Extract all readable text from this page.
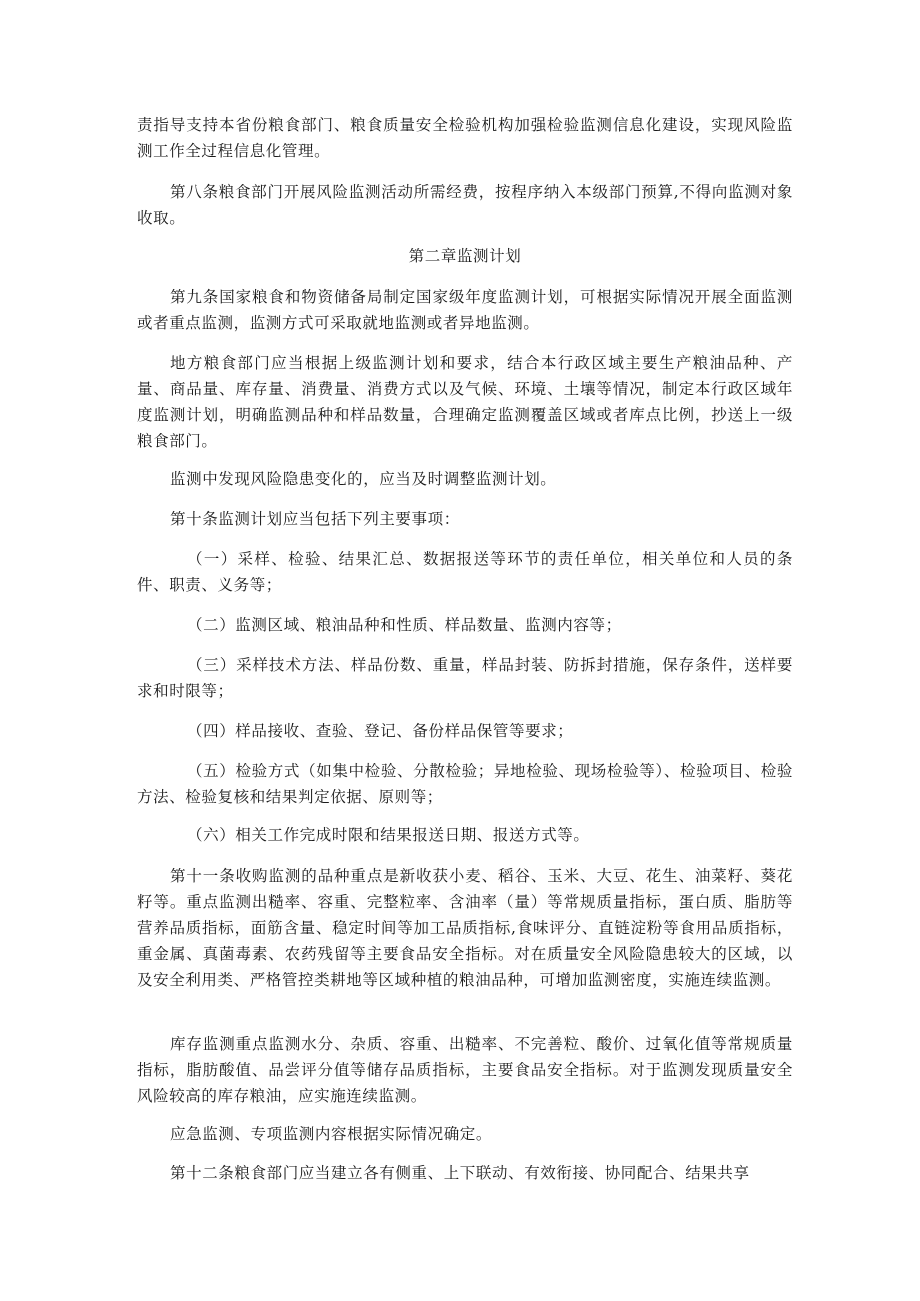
责指导支持本省份粮食部门、粮食质量安全检验机构加强检验监测信息化建设，实现风险监测工作全过程信息化管理。

第八条粮食部门开展风险监测活动所需经费，按程序纳入本级部门预算,不得向监测对象收取。

第二章监测计划

第九条国家粮食和物资储备局制定国家级年度监测计划，可根据实际情况开展全面监测或者重点监测，监测方式可采取就地监测或者异地监测。

地方粮食部门应当根据上级监测计划和要求，结合本行政区域主要生产粮油品种、产量、商品量、库存量、消费量、消费方式以及气候、环境、土壤等情况，制定本行政区域年度监测计划，明确监测品种和样品数量，合理确定监测覆盖区域或者库点比例，抄送上一级粮食部门。

监测中发现风险隐患变化的，应当及时调整监测计划。

第十条监测计划应当包括下列主要事项：

（一）采样、检验、结果汇总、数据报送等环节的责任单位，相关单位和人员的条件、职责、义务等；

（二）监测区域、粮油品种和性质、样品数量、监测内容等；

（三）采样技术方法、样品份数、重量，样品封装、防拆封措施，保存条件，送样要求和时限等；

（四）样品接收、查验、登记、备份样品保管等要求；

（五）检验方式（如集中检验、分散检验；异地检验、现场检验等）、检验项目、检验方法、检验复核和结果判定依据、原则等；

（六）相关工作完成时限和结果报送日期、报送方式等。

第十一条收购监测的品种重点是新收获小麦、稻谷、玉米、大豆、花生、油菜籽、葵花籽等。重点监测出糙率、容重、完整粒率、含油率（量）等常规质量指标，蛋白质、脂肪等营养品质指标，面筋含量、稳定时间等加工品质指标,食味评分、直链淀粉等食用品质指标，重金属、真菌毒素、农药残留等主要食品安全指标。对在质量安全风险隐患较大的区域，以及安全利用类、严格管控类耕地等区域种植的粮油品种，可增加监测密度，实施连续监测。

库存监测重点监测水分、杂质、容重、出糙率、不完善粒、酸价、过氧化值等常规质量指标，脂肪酸值、品尝评分值等储存品质指标，主要食品安全指标。对于监测发现质量安全风险较高的库存粮油，应实施连续监测。

应急监测、专项监测内容根据实际情况确定。

第十二条粮食部门应当建立各有侧重、上下联动、有效衔接、协同配合、结果共享
